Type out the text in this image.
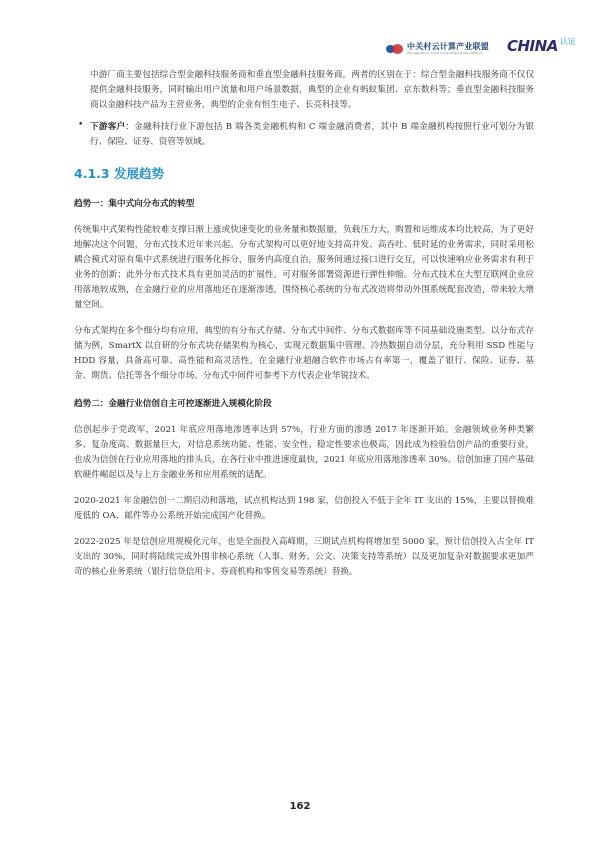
中关村云计算产业联盟
Zhongguancun Cloud Computing Industry Alliance	CHINA 认证

中游厂商主要包括综合型金融科技服务商和垂直型金融科技服务商，两者的区别在于：综合型金融科技服务商不仅仅提供金融科技服务，同时输出用户流量和用户场景数据，典型的企业有蚂蚁集团、京东数科等；垂直型金融科技服务商以金融科技产品为主营业务，典型的企业有恒生电子、长亮科技等。

• 下游客户：金融科技行业下游包括 B 端各类金融机构和 C 端金融消费者，其中 B 端金融机构按照行业可划分为银行、保险、证券、资管等领域。

4.1.3 发展趋势
趋势一：集中式向分布式的转型

传统集中式架构性能较难支撑日渐上涨或快速变化的业务量和数据量，负载压力大，购置和运维成本均比较高，为了更好地解决这个问题，分布式技术近年来兴起。分布式架构可以更好地支持高并发、高吞吐、低时延的业务需求，同时采用松耦合模式对原有集中式系统进行服务化拆分，服务内高度自治，服务间通过接口进行交互，可以快速响应业务需求有利于业务的创新；此外分布式技术具有更加灵活的扩展性，可对服务部署资源进行弹性伸缩。分布式技术在大型互联网企业应用落地较成熟，在金融行业的应用落地还在逐渐渗透，围绕核心系统的分布式改造将带动外围系统配套改造，带来较大增量空间。

分布式架构在多个细分均有应用，典型的有分布式存储、分布式中间件、分布式数据库等不同基础设施类型。以分布式存储为例，SmartX 以自研的分布式块存储架构为核心，实现元数据集中管理、冷热数据自动分层，充分利用 SSD 性能与 HDD 容量，具备高可靠、高性能和高灵活性，在金融行业超融合软件市场占有率第一，覆盖了银行、保险、证券、基金、期货、信托等各个细分市场。分布式中间件可参考下方代表企业华锐技术。

趋势二：金融行业信创自主可控逐渐进入规模化阶段

信创起步于党政军，2021 年底应用落地渗透率达到 57%，行业方面的渗透 2017 年逐渐开始。金融领域业务种类繁多、复杂度高、数据量巨大，对信息系统功能、性能、安全性、稳定性要求也极高，因此成为检验信创产品的重要行业，也成为信创在行业应用落地的排头兵，在各行业中推进速度最快，2021 年底应用落地渗透率 30%。信创加速了国产基础软硬件崛起以及与上方金融业务和应用系统的适配。

2020-2021 年金融信创一二期启动和落地，试点机构达到 198 家，信创投入不低于全年 IT 支出的 15%，主要以替换难度低的 OA、邮件等办公系统开始完成国产化替换。

2022-2025 年是信创应用规模化元年，也是全面投入高峰期，三期试点机构将增加至 5000 家，预计信创投入占全年 IT 支出的 30%，同时将陆续完成外围非核心系统（人事、财务、公文、决策支持等系统）以及更加复杂对数据要求更加严苛的核心业务系统（银行信贷信用卡、券商机构和零售交易等系统）替换。

162
